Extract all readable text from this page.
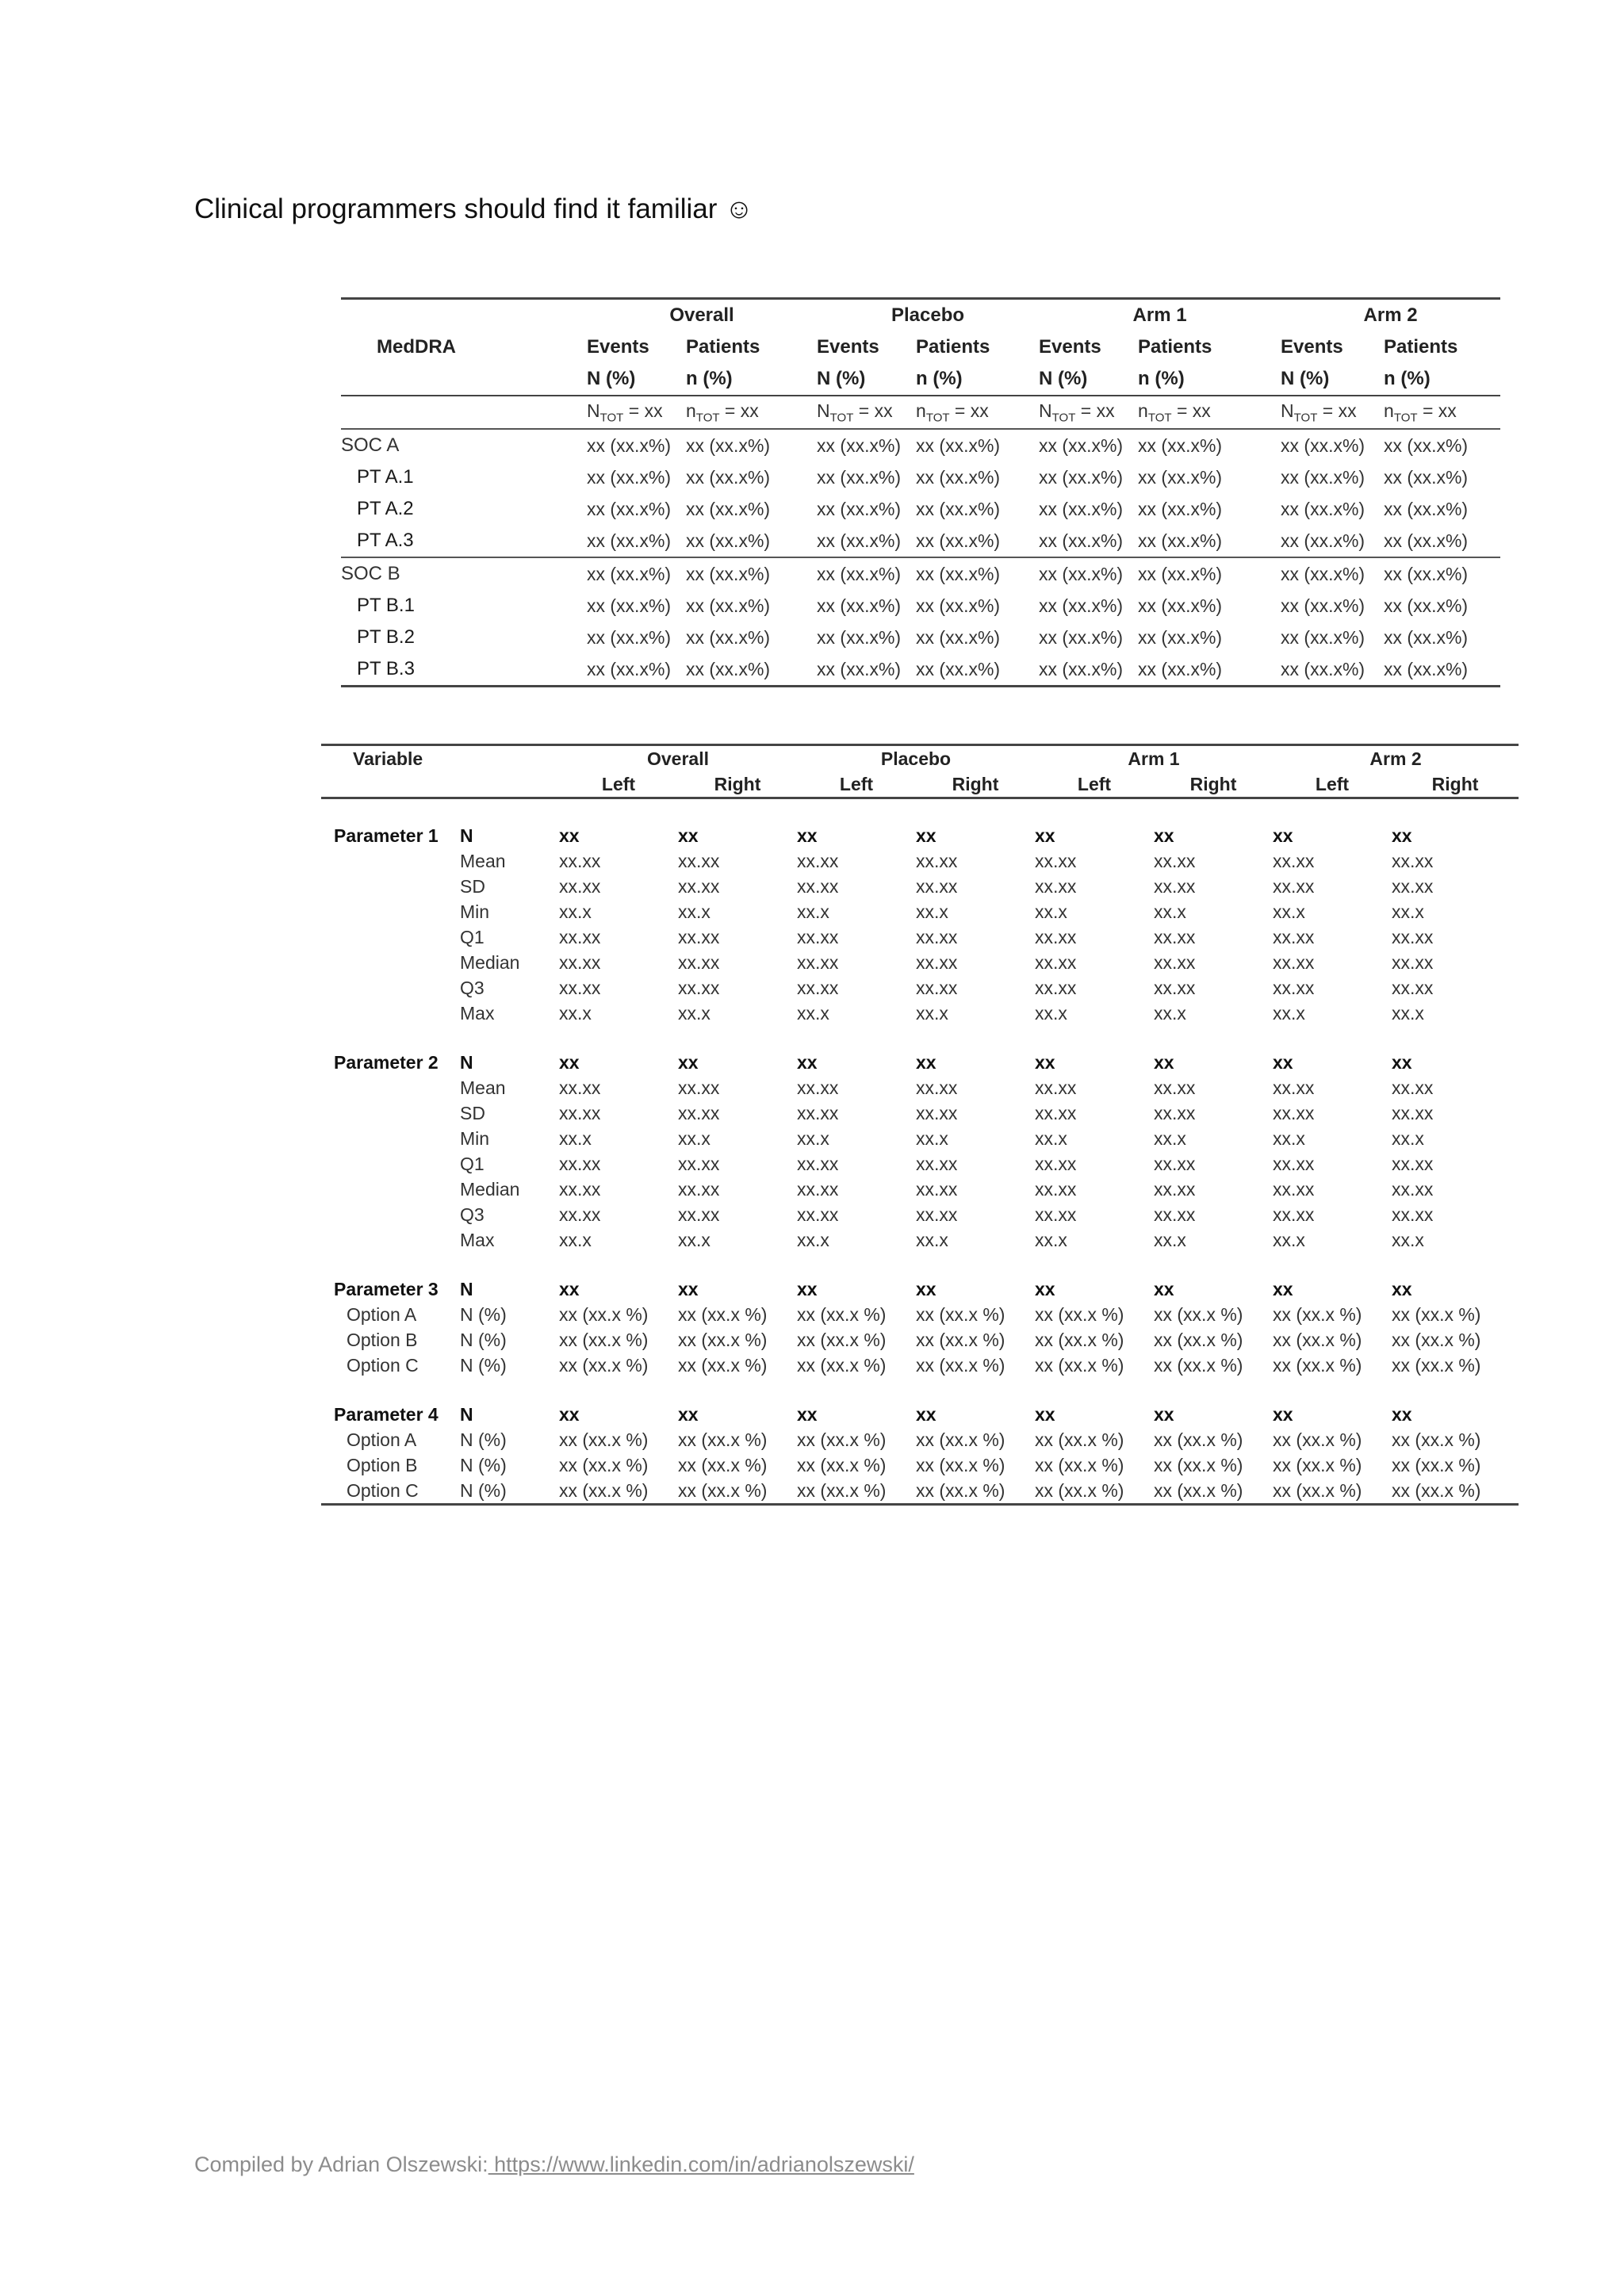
Clinical programmers should find it familiar ☺
	Overall		Placebo		Arm 1		Arm 2	
MedDRA	Events	Patients	Events	Patients	Events	Patients	Events	Patients
	N (%)	n (%)	N (%)	n (%)	N (%)	n (%)	N (%)	n (%)
	$N_{TOT}$ = xx	$n_{TOT}$ = xx	$N_{TOT}$ = xx	$n_{TOT}$ = xx	$N_{TOT}$ = xx	$n_{TOT}$ = xx	$N_{TOT}$ = xx	$n_{TOT}$ = xx
SOC A	xx (xx.x%)	xx (xx.x%)	xx (xx.x%)	xx (xx.x%)	xx (xx.x%)	xx (xx.x%)	xx (xx.x%)	xx (xx.x%)
PT A.1	xx (xx.x%)	xx (xx.x%)	xx (xx.x%)	xx (xx.x%)	xx (xx.x%)	xx (xx.x%)	xx (xx.x%)	xx (xx.x%)
PT A.2	xx (xx.x%)	xx (xx.x%)	xx (xx.x%)	xx (xx.x%)	xx (xx.x%)	xx (xx.x%)	xx (xx.x%)	xx (xx.x%)
PT A.3	xx (xx.x%)	xx (xx.x%)	xx (xx.x%)	xx (xx.x%)	xx (xx.x%)	xx (xx.x%)	xx (xx.x%)	xx (xx.x%)
SOC B	xx (xx.x%)	xx (xx.x%)	xx (xx.x%)	xx (xx.x%)	xx (xx.x%)	xx (xx.x%)	xx (xx.x%)	xx (xx.x%)
PT B.1	xx (xx.x%)	xx (xx.x%)	xx (xx.x%)	xx (xx.x%)	xx (xx.x%)	xx (xx.x%)	xx (xx.x%)	xx (xx.x%)
PT B.2	xx (xx.x%)	xx (xx.x%)	xx (xx.x%)	xx (xx.x%)	xx (xx.x%)	xx (xx.x%)	xx (xx.x%)	xx (xx.x%)
PT B.3	xx (xx.x%)	xx (xx.x%)	xx (xx.x%)	xx (xx.x%)	xx (xx.x%)	xx (xx.x%)	xx (xx.x%)	xx (xx.x%)
Variable		Overall		Placebo		Arm 1		Arm 2	
		Left	Right	Left	Right	Left	Right	Left	Right

Parameter 1	N	xx	xx	xx	xx	xx	xx	xx	xx
	Mean	xx.xx	xx.xx	xx.xx	xx.xx	xx.xx	xx.xx	xx.xx	xx.xx
	SD	xx.xx	xx.xx	xx.xx	xx.xx	xx.xx	xx.xx	xx.xx	xx.xx
	Min	xx.x	xx.x	xx.x	xx.x	xx.x	xx.x	xx.x	xx.x
	Q1	xx.xx	xx.xx	xx.xx	xx.xx	xx.xx	xx.xx	xx.xx	xx.xx
	Median	xx.xx	xx.xx	xx.xx	xx.xx	xx.xx	xx.xx	xx.xx	xx.xx
	Q3	xx.xx	xx.xx	xx.xx	xx.xx	xx.xx	xx.xx	xx.xx	xx.xx
	Max	xx.x	xx.x	xx.x	xx.x	xx.x	xx.x	xx.x	xx.x

Parameter 2	N	xx	xx	xx	xx	xx	xx	xx	xx
	Mean	xx.xx	xx.xx	xx.xx	xx.xx	xx.xx	xx.xx	xx.xx	xx.xx
	SD	xx.xx	xx.xx	xx.xx	xx.xx	xx.xx	xx.xx	xx.xx	xx.xx
	Min	xx.x	xx.x	xx.x	xx.x	xx.x	xx.x	xx.x	xx.x
	Q1	xx.xx	xx.xx	xx.xx	xx.xx	xx.xx	xx.xx	xx.xx	xx.xx
	Median	xx.xx	xx.xx	xx.xx	xx.xx	xx.xx	xx.xx	xx.xx	xx.xx
	Q3	xx.xx	xx.xx	xx.xx	xx.xx	xx.xx	xx.xx	xx.xx	xx.xx
	Max	xx.x	xx.x	xx.x	xx.x	xx.x	xx.x	xx.x	xx.x

Parameter 3	N	xx	xx	xx	xx	xx	xx	xx	xx
Option A	N (%)	xx (xx.x %)	xx (xx.x %)	xx (xx.x %)	xx (xx.x %)	xx (xx.x %)	xx (xx.x %)	xx (xx.x %)	xx (xx.x %)
Option B	N (%)	xx (xx.x %)	xx (xx.x %)	xx (xx.x %)	xx (xx.x %)	xx (xx.x %)	xx (xx.x %)	xx (xx.x %)	xx (xx.x %)
Option C	N (%)	xx (xx.x %)	xx (xx.x %)	xx (xx.x %)	xx (xx.x %)	xx (xx.x %)	xx (xx.x %)	xx (xx.x %)	xx (xx.x %)

Parameter 4	N	xx	xx	xx	xx	xx	xx	xx	xx
Option A	N (%)	xx (xx.x %)	xx (xx.x %)	xx (xx.x %)	xx (xx.x %)	xx (xx.x %)	xx (xx.x %)	xx (xx.x %)	xx (xx.x %)
Option B	N (%)	xx (xx.x %)	xx (xx.x %)	xx (xx.x %)	xx (xx.x %)	xx (xx.x %)	xx (xx.x %)	xx (xx.x %)	xx (xx.x %)
Option C	N (%)	xx (xx.x %)	xx (xx.x %)	xx (xx.x %)	xx (xx.x %)	xx (xx.x %)	xx (xx.x %)	xx (xx.x %)	xx (xx.x %)
Compiled by Adrian Olszewski: https://www.linkedin.com/in/adrianolszewski/
